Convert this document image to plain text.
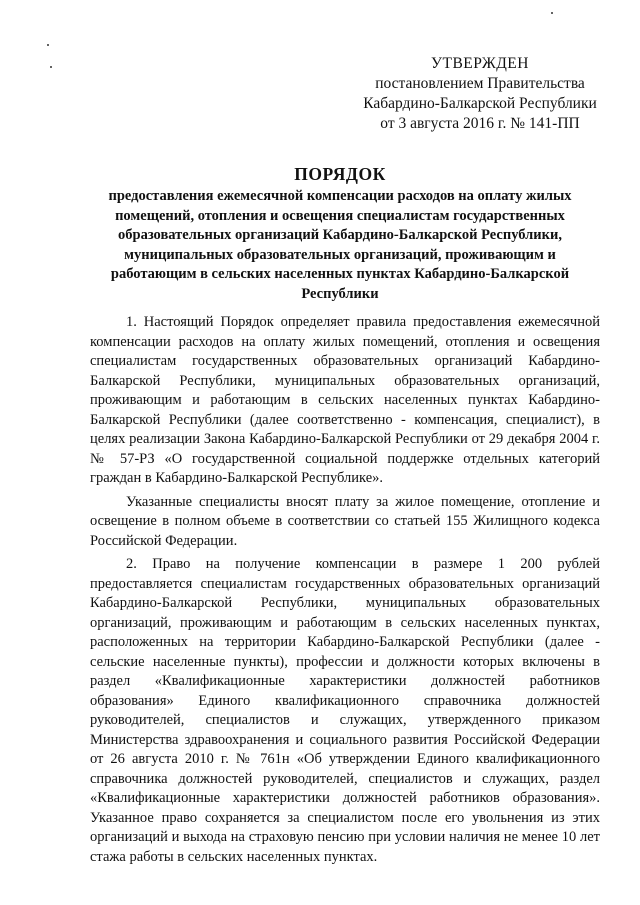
УТВЕРЖДЕН
постановлением Правительства
Кабардино-Балкарской Республики
от 3 августа 2016 г. № 141-ПП
ПОРЯДОК
предоставления ежемесячной компенсации расходов на оплату жилых помещений, отопления и освещения специалистам государственных образовательных организаций Кабардино-Балкарской Республики, муниципальных образовательных организаций, проживающим и работающим в сельских населенных пунктах Кабардино-Балкарской Республики

1. Настоящий Порядок определяет правила предоставления ежемесячной компенсации расходов на оплату жилых помещений, отопления и освещения специалистам государственных образовательных организаций Кабардино-Балкарской Республики, муниципальных образовательных организаций, проживающим и работающим в сельских населенных пунктах Кабардино-Балкарской Республики (далее соответственно - компенсация, специалист), в целях реализации Закона Кабардино-Балкарской Республики от 29 декабря 2004 г. № 57-РЗ «О государственной социальной поддержке отдельных категорий граждан в Кабардино-Балкарской Республике».

Указанные специалисты вносят плату за жилое помещение, отопление и освещение в полном объеме в соответствии со статьей 155 Жилищного кодекса Российской Федерации.

2. Право на получение компенсации в размере 1 200 рублей предоставляется специалистам государственных образовательных организаций Кабардино-Балкарской Республики, муниципальных образовательных организаций, проживающим и работающим в сельских населенных пунктах, расположенных на территории Кабардино-Балкарской Республики (далее - сельские населенные пункты), профессии и должности которых включены в раздел «Квалификационные характеристики должностей работников образования» Единого квалификационного справочника должностей руководителей, специалистов и служащих, утвержденного приказом Министерства здравоохранения и социального развития Российской Федерации от 26 августа 2010 г. № 761н «Об утверждении Единого квалификационного справочника должностей руководителей, специалистов и служащих, раздел «Квалификационные характеристики должностей работников образования». Указанное право сохраняется за специалистом после его увольнения из этих организаций и выхода на страховую пенсию при условии наличия не менее 10 лет стажа работы в сельских населенных пунктах.
